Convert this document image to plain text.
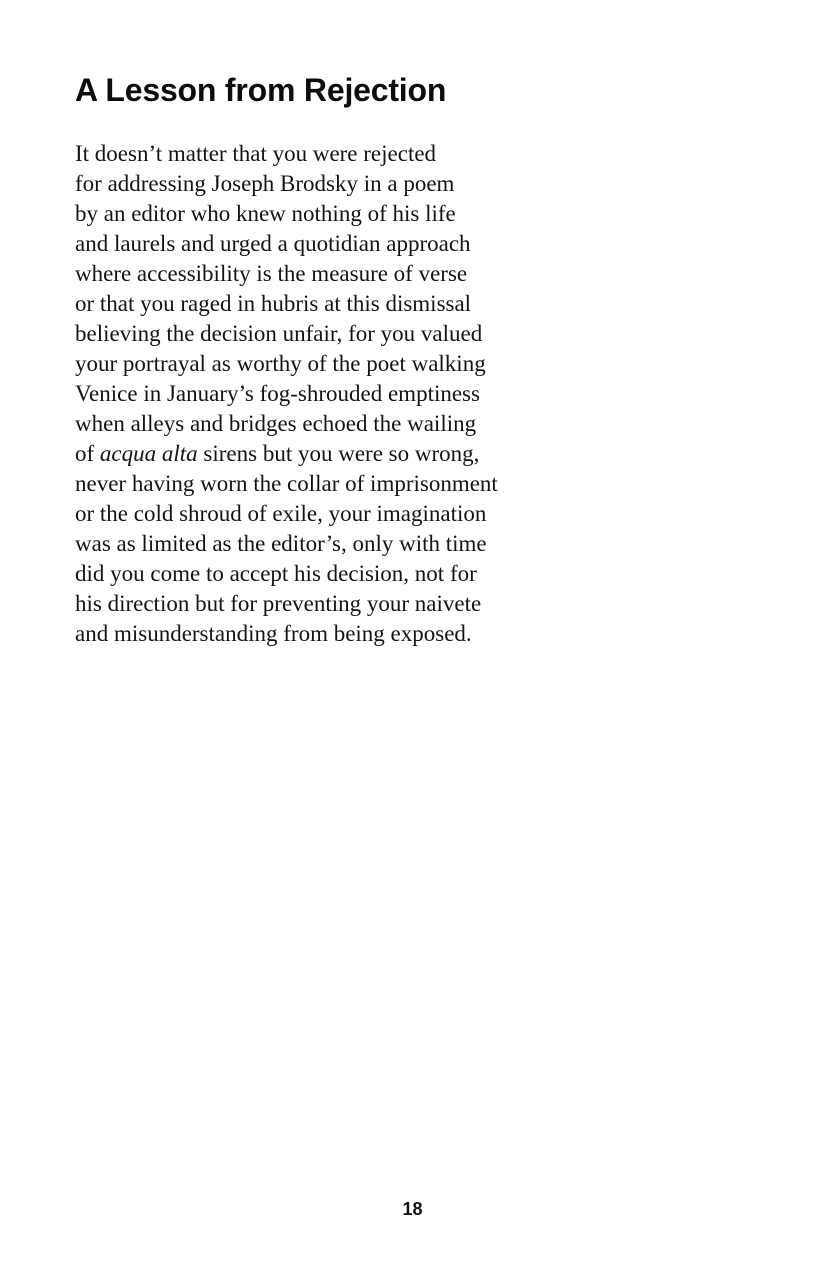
A Lesson from Rejection
It doesn’t matter that you were rejected
for addressing Joseph Brodsky in a poem
by an editor who knew nothing of his life
and laurels and urged a quotidian approach
where accessibility is the measure of verse
or that you raged in hubris at this dismissal
believing the decision unfair, for you valued
your portrayal as worthy of the poet walking
Venice in January’s fog-shrouded emptiness
when alleys and bridges echoed the wailing
of acqua alta sirens but you were so wrong,
never having worn the collar of imprisonment
or the cold shroud of exile, your imagination
was as limited as the editor’s, only with time
did you come to accept his decision, not for
his direction but for preventing your naivete
and misunderstanding from being exposed.
18
